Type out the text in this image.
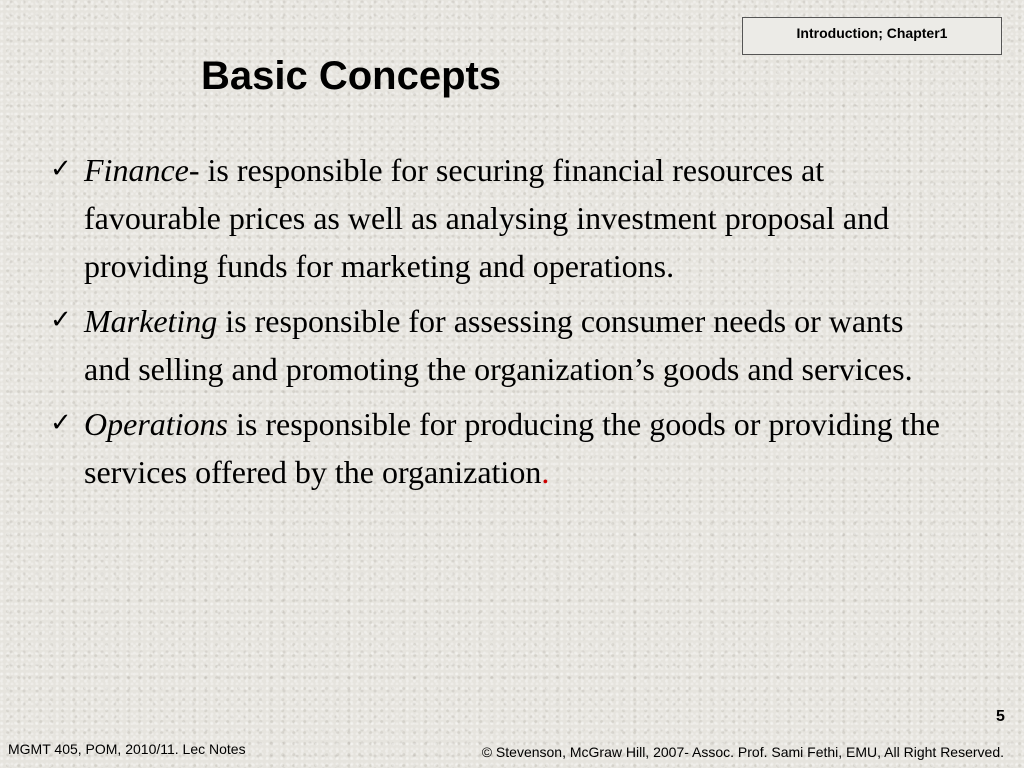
Introduction; Chapter1
Basic Concepts
✓ Finance- is responsible for securing financial resources at favourable prices as well as analysing investment proposal and providing funds for marketing and operations.
✓ Marketing is responsible for assessing consumer needs or wants and selling and promoting the organization’s goods and services.
✓ Operations is responsible for producing the goods or providing the services offered by the organization.
5
MGMT 405, POM, 2010/11. Lec Notes	© Stevenson, McGraw Hill, 2007- Assoc. Prof. Sami Fethi, EMU, All Right Reserved.
